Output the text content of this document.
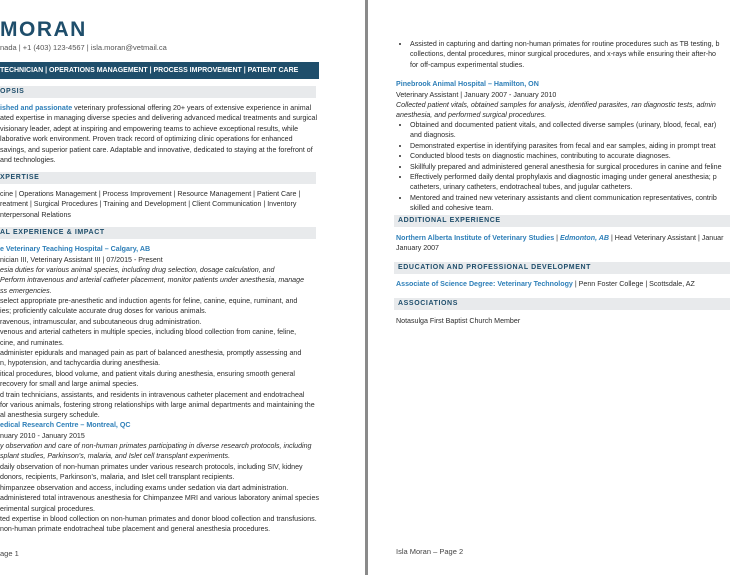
MORAN
nada | +1 (403) 123-4567 | isla.moran@vetmail.ca
TECHNICIAN | OPERATIONS MANAGEMENT | PROCESS IMPROVEMENT | PATIENT CARE
OPSIS
ished and passionate veterinary professional offering 20+ years of extensive experience in animal
ated expertise in managing diverse species and delivering advanced medical treatments and surgical
visionary leader, adept at inspiring and empowering teams to achieve exceptional results, while
laborative work environment. Proven track record of optimizing clinic operations for enhanced
savings, and superior patient care. Adaptable and innovative, dedicated to staying at the forefront of
and technologies.
XPERTISE
cine | Operations Management | Process Improvement | Resource Management | Patient Care |
reatment | Surgical Procedures | Training and Development | Client Communication | Inventory
nterpersonal Relations
AL EXPERIENCE & IMPACT
e Veterinary Teaching Hospital – Calgary, AB
nician III, Veterinary Assistant III | 07/2015 - Present
esia duties for various animal species, including drug selection, dosage calculation, and
Perform intravenous and arterial catheter placement, monitor patients under anesthesia, manage
ss emergencies.
select appropriate pre-anesthetic and induction agents for feline, canine, equine, ruminant, and
ies; proficiently calculate accurate drug doses for various animals.
ravenous, intramuscular, and subcutaneous drug administration.
venous and arterial catheters in multiple species, including blood collection from canine, feline,
cine, and ruminates.
administer epidurals and managed pain as part of balanced anesthesia, promptly assessing and
n, hypotension, and tachycardia during anesthesia.
itical procedures, blood volume, and patient vitals during anesthesia, ensuring smooth general
recovery for small and large animal species.
d train technicians, assistants, and residents in intravenous catheter placement and endotracheal
for various animals, fostering strong relationships with large animal departments and maintaining the
al anesthesia surgery schedule.
edical Research Centre – Montreal, QC
nuary 2010 - January 2015
y observation and care of non-human primates participating in diverse research protocols, including
splant studies, Parkinson's, malaria, and Islet cell transplant experiments.
daily observation of non-human primates under various research protocols, including SIV, kidney
donors, recipients, Parkinson's, malaria, and Islet cell transplant recipients.
himpanzee observation and access, including exams under sedation via dart administration.
administered total intravenous anesthesia for Chimpanzee MRI and various laboratory animal species
erimental surgical procedures.
ted expertise in blood collection on non-human primates and donor blood collection and transfusions.
non-human primate endotracheal tube placement and general anesthesia procedures.
age 1
• Assisted in capturing and darting non-human primates for routine procedures such as TB testing, b
collections, dental procedures, minor surgical procedures, and x-rays while ensuring their after-ho
for off-campus experimental studies.
Pinebrook Animal Hospital – Hamilton, ON
Veterinary Assistant | January 2007 - January 2010
Collected patient vitals, obtained samples for analysis, identified parasites, ran diagnostic tests, admin
anesthesia, and performed surgical procedures.
• Obtained and documented patient vitals, and collected diverse samples (urinary, blood, fecal, ear)
and diagnosis.
• Demonstrated expertise in identifying parasites from fecal and ear samples, aiding in prompt treat
• Conducted blood tests on diagnostic machines, contributing to accurate diagnoses.
• Skillfully prepared and administered general anesthesia for surgical procedures in canine and feline
• Effectively performed daily dental prophylaxis and diagnostic imaging under general anesthesia; p
catheters, urinary catheters, endotracheal tubes, and jugular catheters.
• Mentored and trained new veterinary assistants and client communication representatives, contrib
skilled and cohesive team.
ADDITIONAL EXPERIENCE
Northern Alberta Institute of Veterinary Studies | Edmonton, AB | Head Veterinary Assistant | Januar
January 2007
EDUCATION AND PROFESSIONAL DEVELOPMENT
Associate of Science Degree: Veterinary Technology | Penn Foster College | Scottsdale, AZ
ASSOCIATIONS
Notasulga First Baptist Church Member
Isla Moran – Page 2
